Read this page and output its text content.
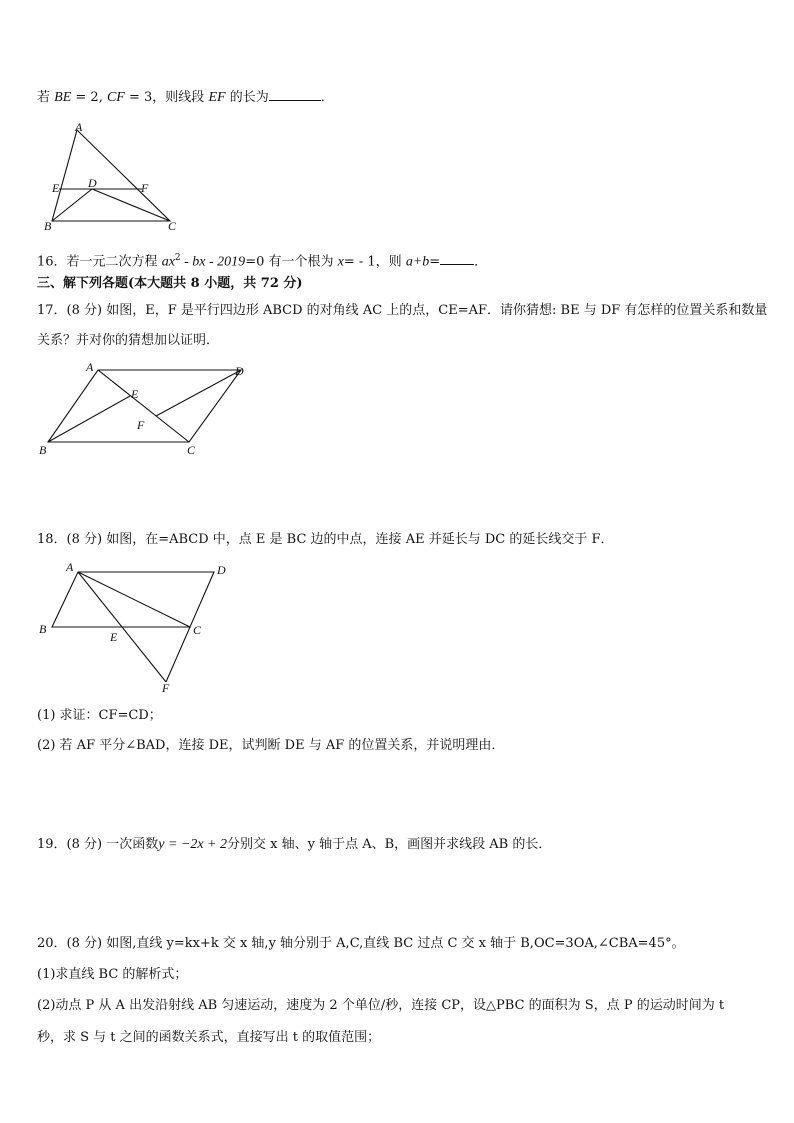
若 BE = 2, CF = 3，则线段 EF 的长为	．
A
E D	F
B	C
16．若一元二次方程 $ax^2$ - bx - 2019=0 有一个根为 x= - 1，则 a+b=	．
三、解下列各题(本大题共 8 小题，共 72 分)
17．(8 分) 如图，E，F 是平行四边形 ABCD 的对角线 AC 上的点，CE=AF．请你猜想: BE 与 DF 有怎样的位置关系和数量
关系？并对你的猜想加以证明．
A	D
E
F
B	C
18．(8 分) 如图，在=ABCD 中，点 E 是 BC 边的中点，连接 AE 并延长与 DC 的延长线交于 F．
A	D
B	C
E
F
(1) 求证：CF=CD；
(2) 若 AF 平分∠BAD，连接 DE，试判断 DE 与 AF 的位置关系，并说明理由．
19．(8 分) 一次函数y = −2x + 2分别交 x 轴、y 轴于点 A、B，画图并求线段 AB 的长．
20．(8 分) 如图,直线 y=kx+k 交 x 轴,y 轴分别于 A,C,直线 BC 过点 C 交 x 轴于 B,OC=3OA,∠CBA=45°。
(1)求直线 BC 的解析式；
(2)动点 P 从 A 出发沿射线 AB 匀速运动，速度为 2 个单位/秒，连接 CP，设△PBC 的面积为 S，点 P 的运动时间为 t
秒，求 S 与 t 之间的函数关系式，直接写出 t 的取值范围；
